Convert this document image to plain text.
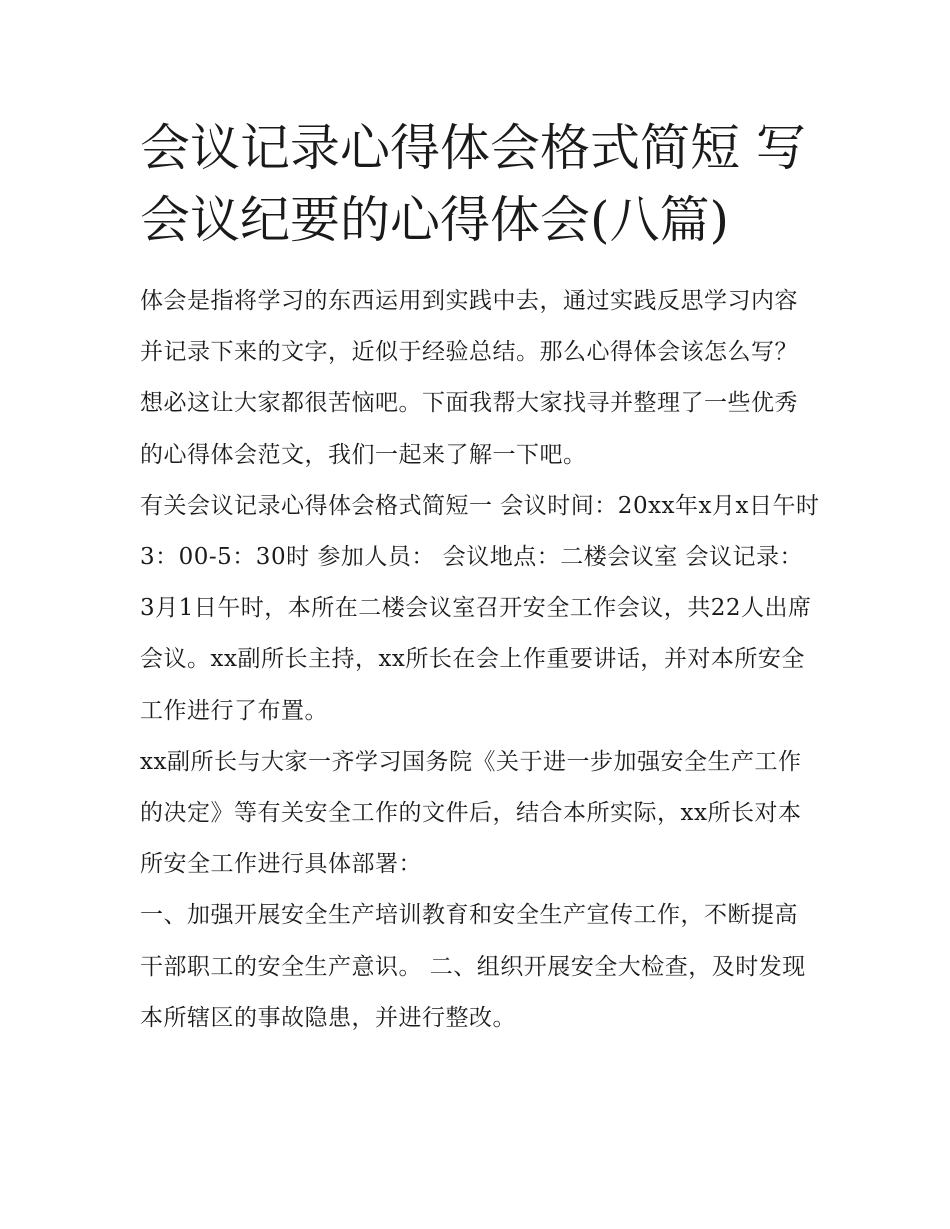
会议记录心得体会格式简短 写会议纪要的心得体会(八篇)

体会是指将学习的东西运用到实践中去，通过实践反思学习内容并记录下来的文字，近似于经验总结。那么心得体会该怎么写？想必这让大家都很苦恼吧。下面我帮大家找寻并整理了一些优秀的心得体会范文，我们一起来了解一下吧。

有关会议记录心得体会格式简短一 会议时间：20xx年x月x日午时3：00-5：30时 参加人员： 会议地点：二楼会议室 会议记录：

3月1日午时，本所在二楼会议室召开安全工作会议，共22人出席会议。xx副所长主持，xx所长在会上作重要讲话，并对本所安全工作进行了布置。

xx副所长与大家一齐学习国务院《关于进一步加强安全生产工作的决定》等有关安全工作的文件后，结合本所实际，xx所长对本所安全工作进行具体部署：

一、加强开展安全生产培训教育和安全生产宣传工作，不断提高干部职工的安全生产意识。 二、组织开展安全大检查，及时发现本所辖区的事故隐患，并进行整改。
